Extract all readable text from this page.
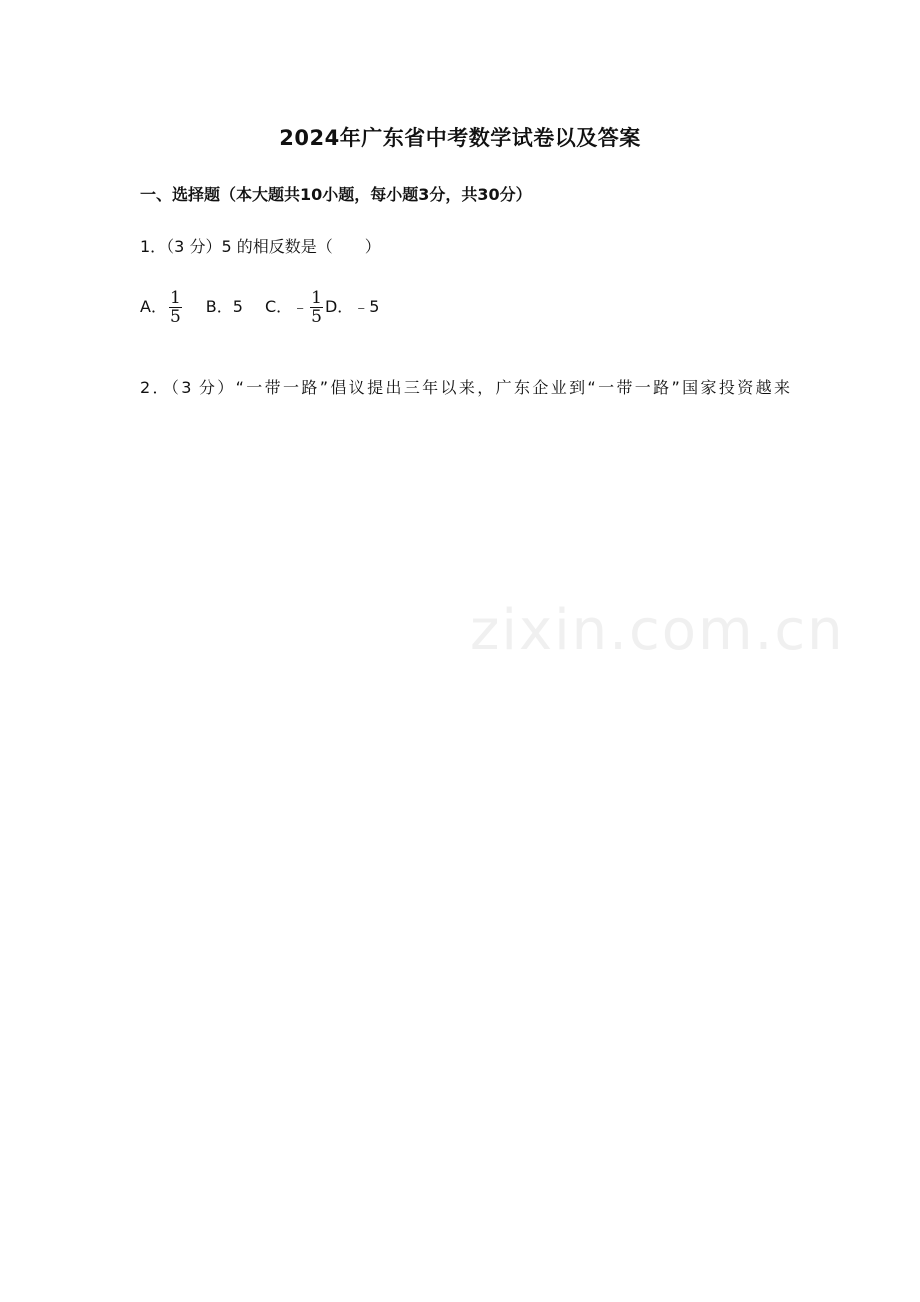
zixin.com.cn
2024年广东省中考数学试卷以及答案
一、选择题（本大题共10小题，每小题3分，共30分）
1．（3 分）5 的相反数是（　　）
A． $\frac{1}{5}$ B．5 C．﹣ $\frac{1}{5}$ D．﹣5
2．（3 分）“一带一路”倡议提出三年以来，广东企业到“一带一路”国家投资越来
